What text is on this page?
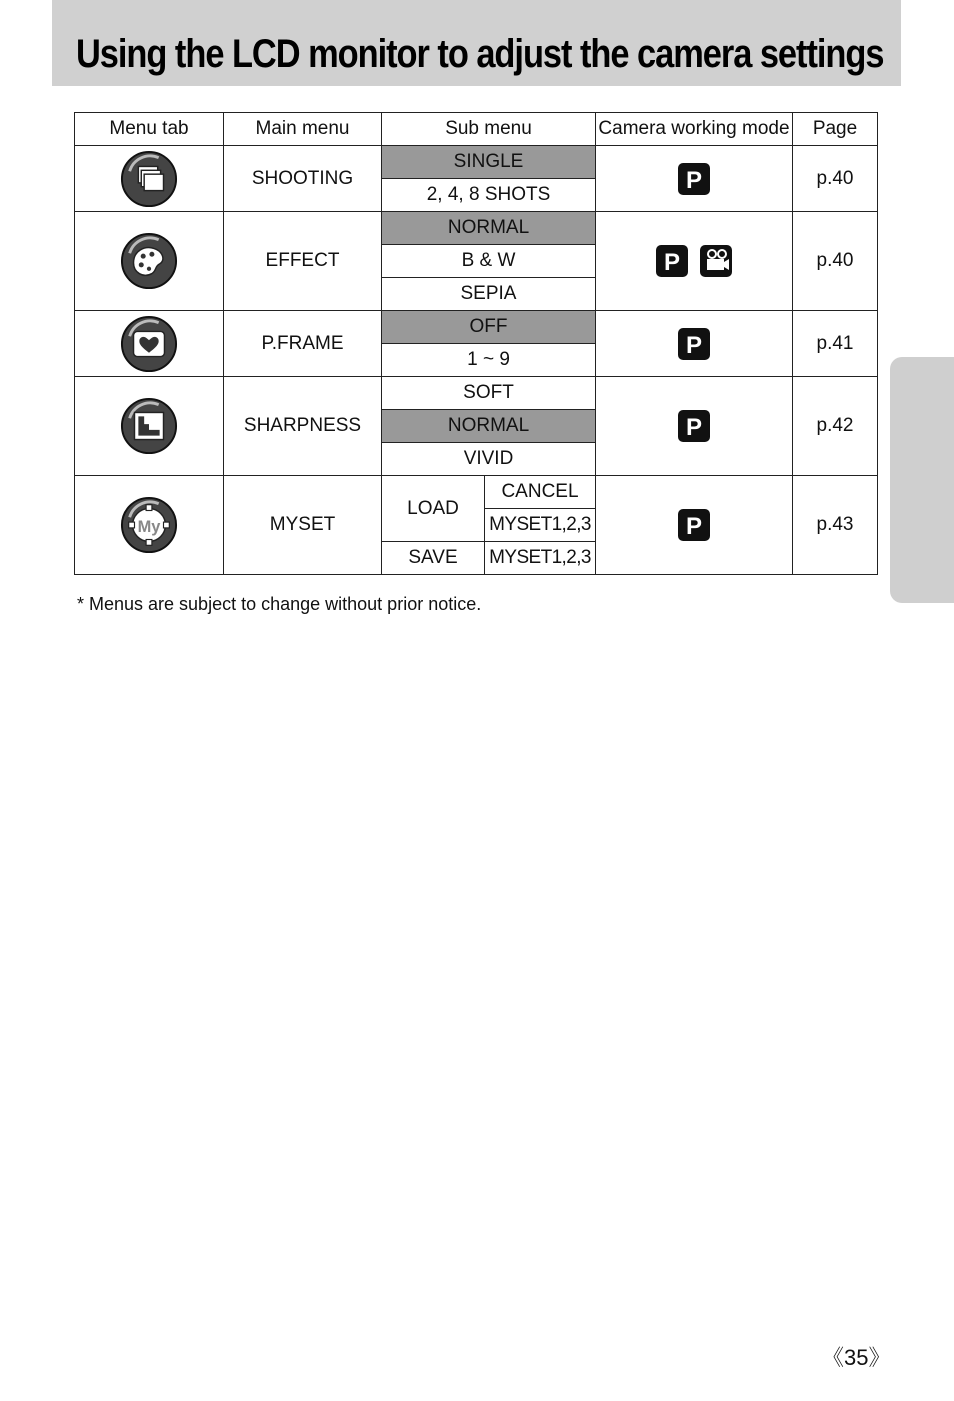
Using the LCD monitor to adjust the camera settings
Menu tab	Main menu	Sub menu		Camera working mode	Page

	SHOOTING	SINGLE		P	p.40
		2, 4, 8 SHOTS			

	EFFECT	NORMAL		P	p.40
		B & W			
		SEPIA			

	P.FRAME	OFF		P	p.41
		1 ~ 9			

	SHARPNESS	SOFT		P	p.42
		NORMAL			
		VIVID			

My	MYSET	LOAD	CANCEL	P	p.43
			MYSET1,2,3		
		SAVE	MYSET1,2,3		

* Menus are subject to change without prior notice.

《35》
